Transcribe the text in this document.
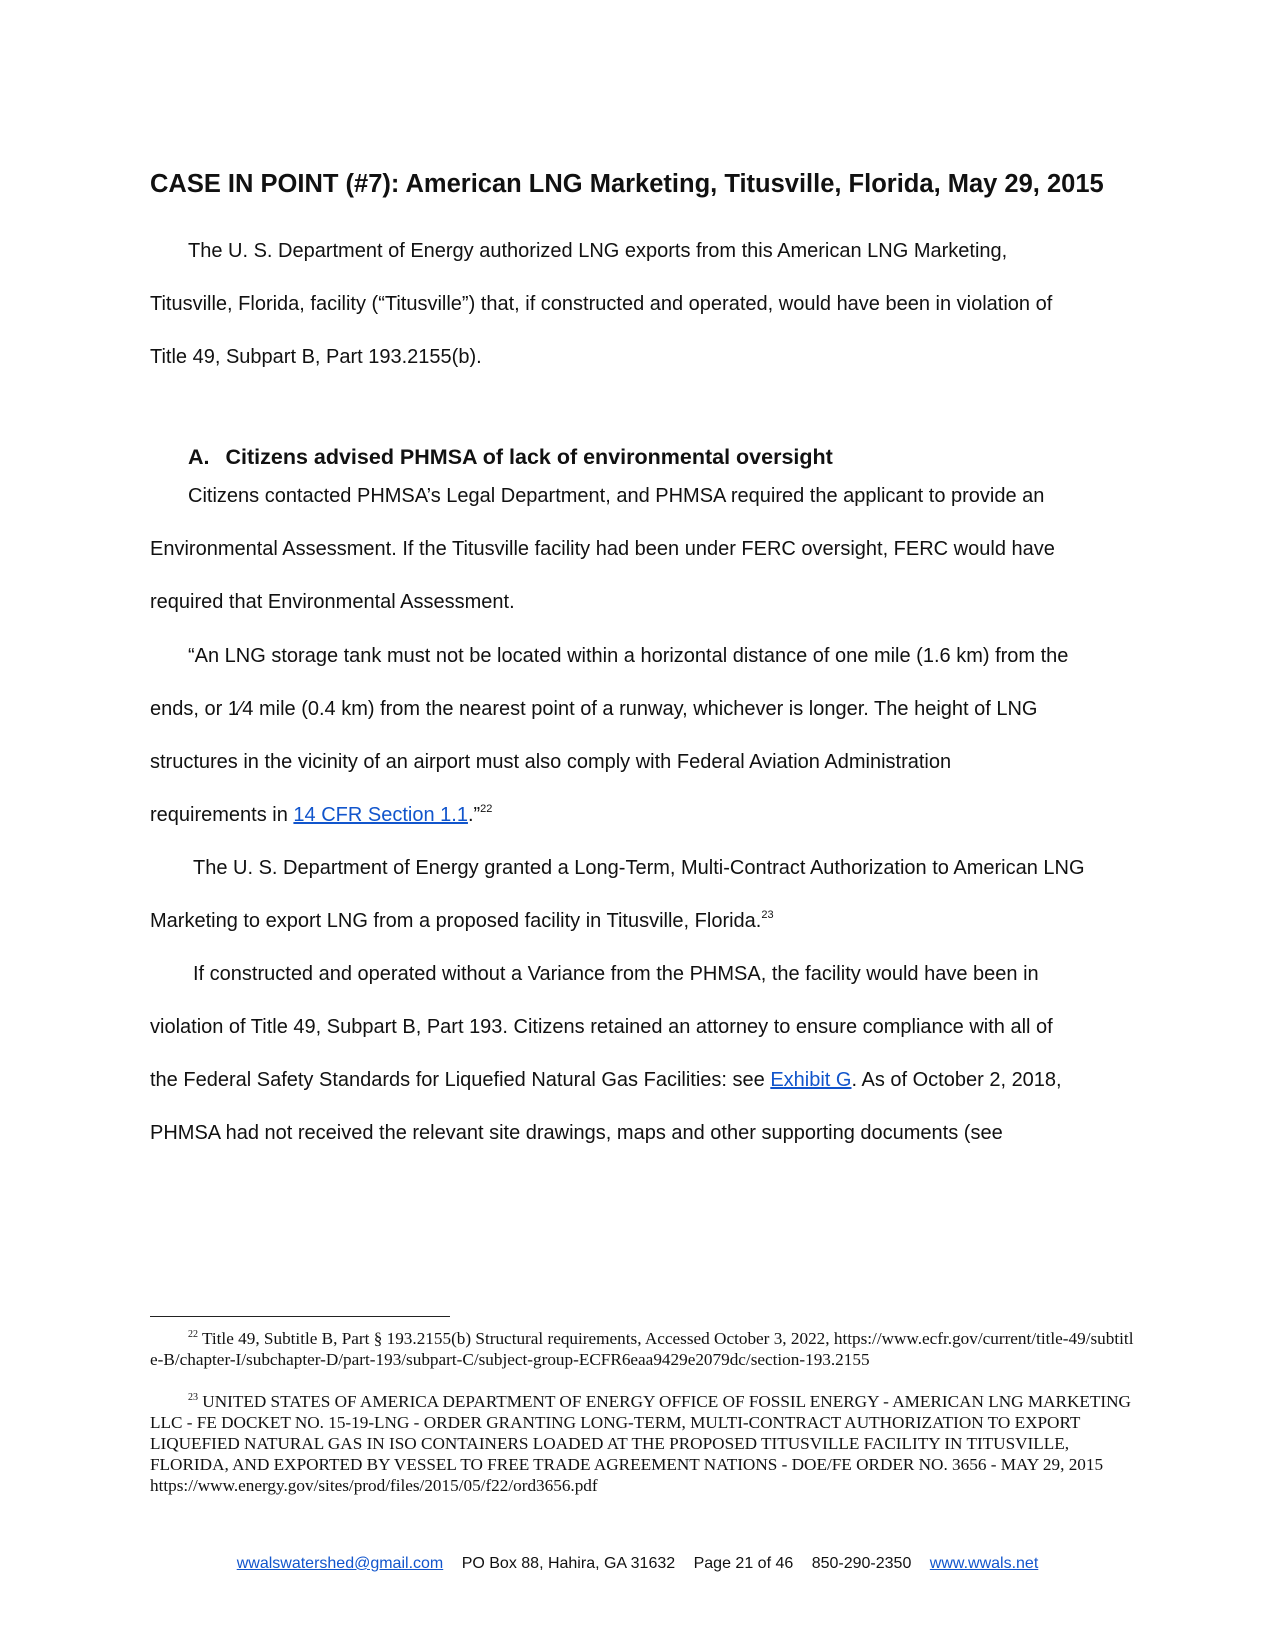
CASE IN POINT (#7): American LNG Marketing, Titusville, Florida, May 29, 2015
The U. S. Department of Energy authorized LNG exports from this American LNG Marketing,
Titusville, Florida, facility (“Titusville”) that, if constructed and operated, would have been in violation of
Title 49, Subpart B, Part 193.2155(b).
A. Citizens advised PHMSA of lack of environmental oversight
Citizens contacted PHMSA’s Legal Department, and PHMSA required the applicant to provide an
Environmental Assessment. If the Titusville facility had been under FERC oversight, FERC would have
required that Environmental Assessment.
“An LNG storage tank must not be located within a horizontal distance of one mile (1.6 km) from the
ends, or 1⁄4 mile (0.4 km) from the nearest point of a runway, whichever is longer. The height of LNG
structures in the vicinity of an airport must also comply with Federal Aviation Administration
requirements in 14 CFR Section 1.1.”$^{22}$
The U. S. Department of Energy granted a Long-Term, Multi-Contract Authorization to American LNG
Marketing to export LNG from a proposed facility in Titusville, Florida.$^{23}$
If constructed and operated without a Variance from the PHMSA, the facility would have been in
violation of Title 49, Subpart B, Part 193. Citizens retained an attorney to ensure compliance with all of
the Federal Safety Standards for Liquefied Natural Gas Facilities: see Exhibit G. As of October 2, 2018,
PHMSA had not received the relevant site drawings, maps and other supporting documents (see
$^{22}$ Title 49, Subtitle B, Part § 193.2155(b) Structural requirements, Accessed October 3, 2022, https://www.ecfr.gov/current/title-49/subtitle-B/chapter-I/subchapter-D/part-193/subpart-C/subject-group-ECFR6eaa9429e2079dc/section-193.2155
$^{23}$ UNITED STATES OF AMERICA DEPARTMENT OF ENERGY OFFICE OF FOSSIL ENERGY - AMERICAN LNG MARKETING LLC - FE DOCKET NO. 15-19-LNG - ORDER GRANTING LONG-TERM, MULTI-CONTRACT AUTHORIZATION TO EXPORT LIQUEFIED NATURAL GAS IN ISO CONTAINERS LOADED AT THE PROPOSED TITUSVILLE FACILITY IN TITUSVILLE, FLORIDA, AND EXPORTED BY VESSEL TO FREE TRADE AGREEMENT NATIONS - DOE/FE ORDER NO. 3656 - MAY 29, 2015 https://www.energy.gov/sites/prod/files/2015/05/f22/ord3656.pdf
wwalswatershed@gmail.com PO Box 88, Hahira, GA 31632 Page 21 of 46 850-290-2350 www.wwals.net
